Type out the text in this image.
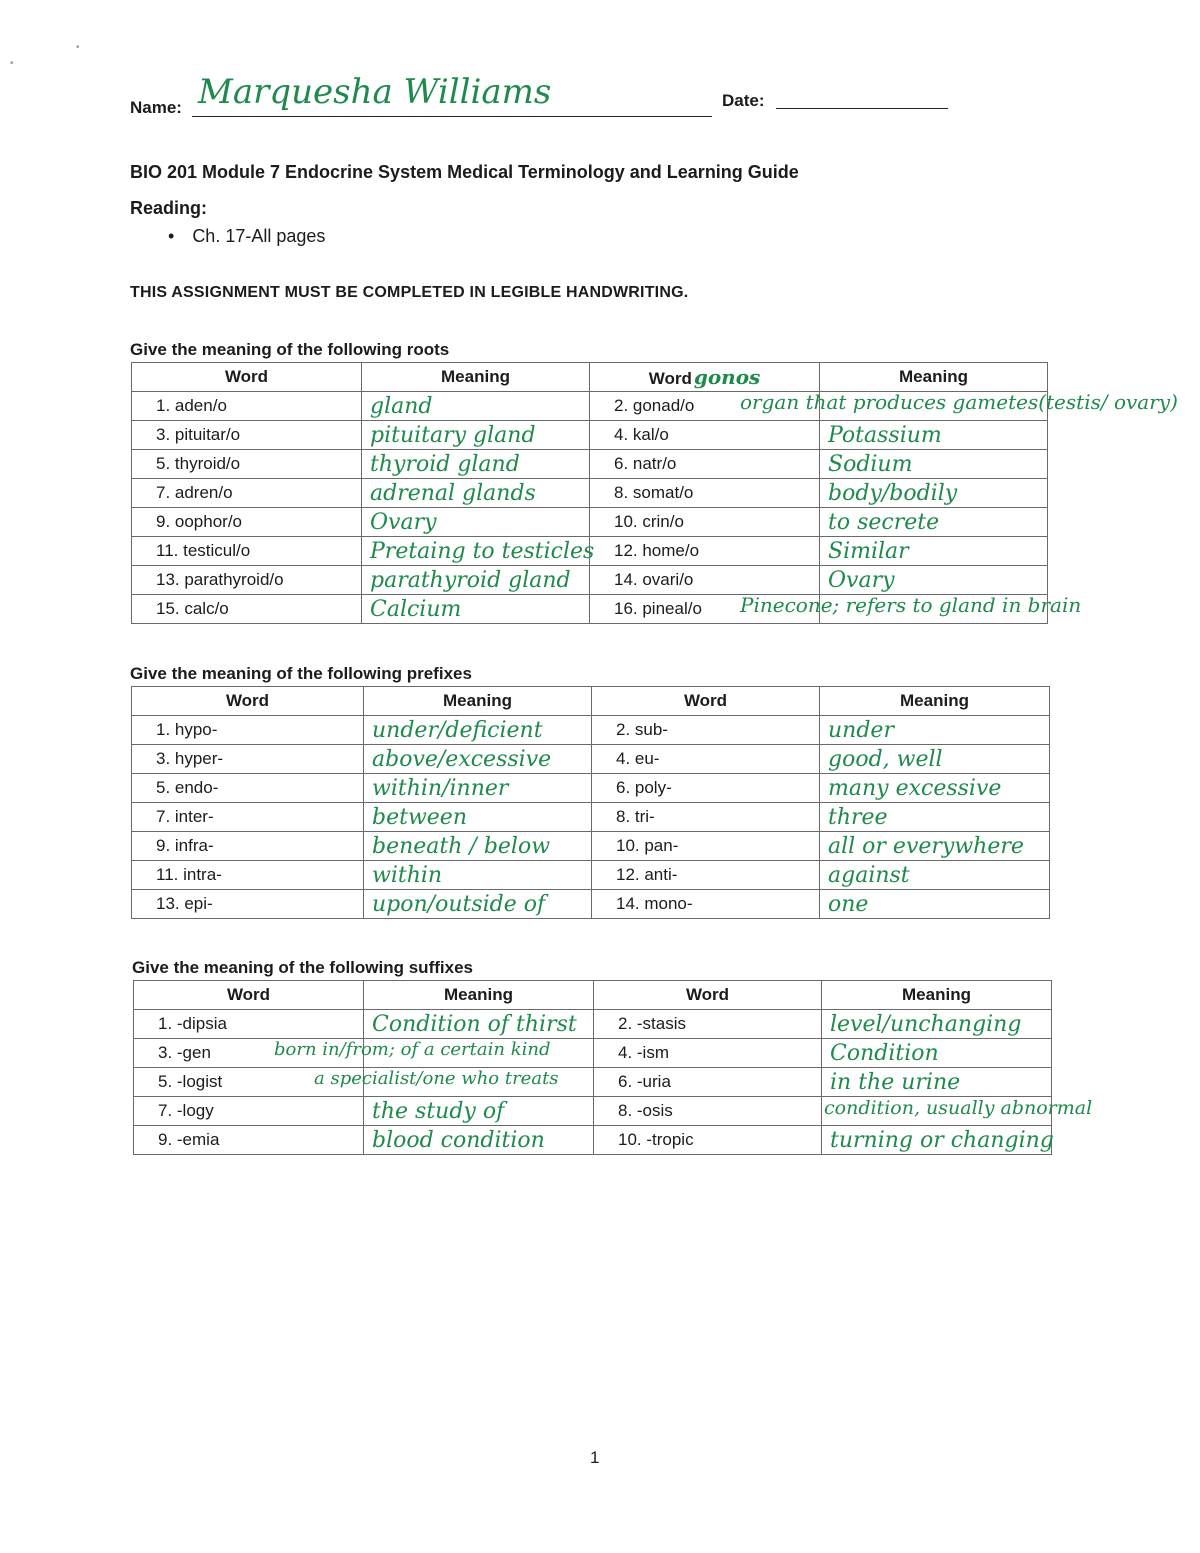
•
•
Name: Marquesha Williams	Date:
BIO 201 Module 7 Endocrine System Medical Terminology and Learning Guide
Reading:
• Ch. 17-All pages
THIS ASSIGNMENT MUST BE COMPLETED IN LEGIBLE HANDWRITING.
Give the meaning of the following roots
Word	Meaning	Word gonos	Meaning
1. aden/o	gland	2. gonad/o	organ that produces gametes(testis/ ovary)

3. pituitar/o	pituitary gland	4. kal/o	Potassium
5. thyroid/o	thyroid gland	6. natr/o	Sodium
7. adren/o	adrenal glands	8. somat/o	body/bodily
9. oophor/o	Ovary	10. crin/o	to secrete
11. testicul/o	Pretaing to testicles	12. home/o	Similar
13. parathyroid/o	parathyroid gland	14. ovari/o	Ovary
15. calc/o	Calcium	16. pineal/o	Pinecone; refers to gland in brain
Give the meaning of the following prefixes
Word	Meaning	Word	Meaning
1. hypo-	under/deficient	2. sub-	under
3. hyper-	above/excessive	4. eu-	good, well
5. endo-	within/inner	6. poly-	many excessive
7. inter-	between	8. tri-	three
9. infra-	beneath / below	10. pan-	all or everywhere
11. intra-	within	12. anti-	against
13. epi-	upon/outside of	14. mono-	one
Give the meaning of the following suffixes
Word	Meaning	Word	Meaning
1. -dipsia	Condition of thirst	2. -stasis	level/unchanging
3. -gen	born in/from; of a certain kind	4. -ism	Condition
5. -logist	a specialist/one who treats	6. -uria	in the urine
7. -logy	the study of	8. -osis	condition, usually abnormal

9. -emia	blood condition	10. -tropic	turning or changing
1
